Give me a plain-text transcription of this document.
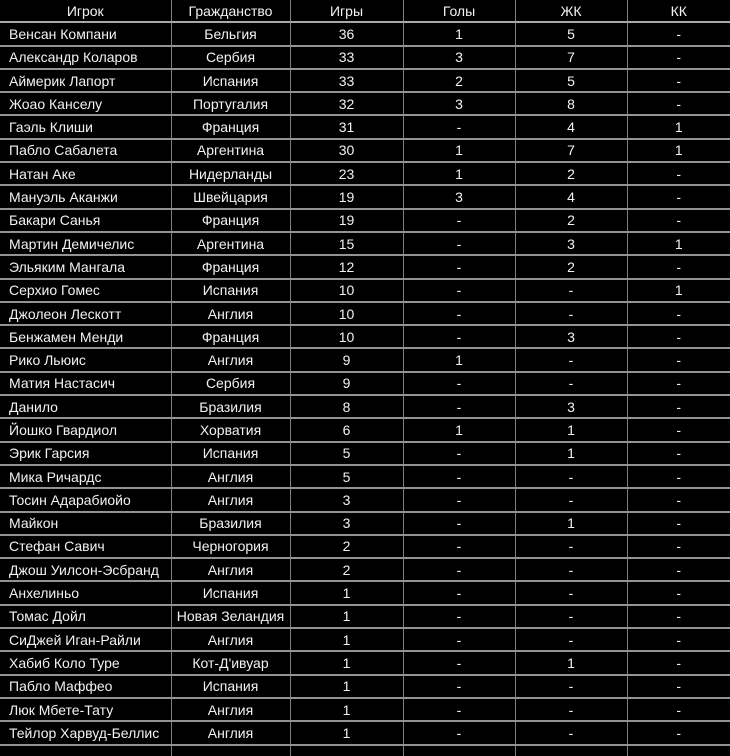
Игрок	Гражданство	Игры	Голы	ЖК	КК
Венсан Компани	Бельгия	36	1	5	-
Александр Коларов	Сербия	33	3	7	-
Аймерик Лапорт	Испания	33	2	5	-
Жоао Канселу	Португалия	32	3	8	-
Гаэль Клиши	Франция	31	-	4	1
Пабло Сабалета	Аргентина	30	1	7	1
Натан Аке	Нидерланды	23	1	2	-
Мануэль Аканжи	Швейцария	19	3	4	-
Бакари Санья	Франция	19	-	2	-
Мартин Демичелис	Аргентина	15	-	3	1
Эльяким Мангала	Франция	12	-	2	-
Серхио Гомес	Испания	10	-	-	1
Джолеон Лескотт	Англия	10	-	-	-
Бенжамен Менди	Франция	10	-	3	-
Рико Льюис	Англия	9	1	-	-
Матия Настасич	Сербия	9	-	-	-
Данило	Бразилия	8	-	3	-
Йошко Гвардиол	Хорватия	6	1	1	-
Эрик Гарсия	Испания	5	-	1	-
Мика Ричардс	Англия	5	-	-	-
Тосин Адарабиойо	Англия	3	-	-	-
Майкон	Бразилия	3	-	1	-
Стефан Савич	Черногория	2	-	-	-
Джош Уилсон-Эсбранд	Англия	2	-	-	-
Анхелиньо	Испания	1	-	-	-
Томас Дойл	Новая Зеландия	1	-	-	-
СиДжей Иган-Райли	Англия	1	-	-	-
Хабиб Коло Туре	Кот-Д'ивуар	1	-	1	-
Пабло Маффео	Испания	1	-	-	-
Люк Мбете-Тату	Англия	1	-	-	-
Тейлор Харвуд-Беллис	Англия	1	-	-	-
